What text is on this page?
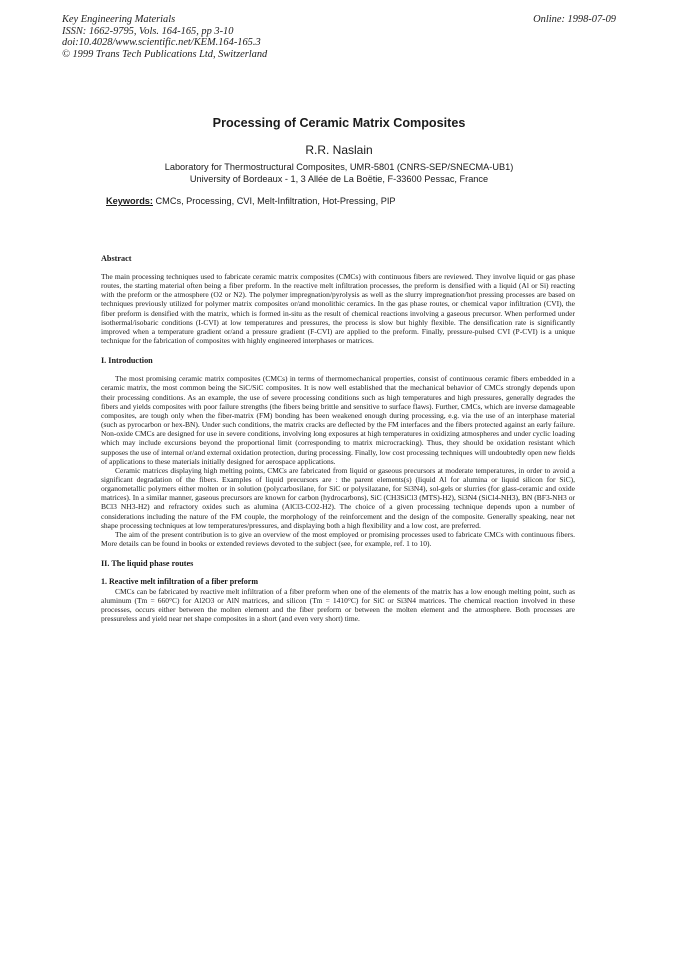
Key Engineering Materials
ISSN: 1662-9795, Vols. 164-165, pp 3-10
doi:10.4028/www.scientific.net/KEM.164-165.3
© 1999 Trans Tech Publications Ltd, Switzerland
Online: 1998-07-09
Processing of Ceramic Matrix Composites
R.R. Naslain
Laboratory for Thermostructural Composites, UMR-5801 (CNRS-SEP/SNECMA-UB1)
University of Bordeaux - 1, 3 Allée de La Boëtie, F-33600 Pessac, France
Keywords: CMCs, Processing, CVI, Melt-Infiltration, Hot-Pressing, PIP
Abstract

The main processing techniques used to fabricate ceramic matrix composites (CMCs) with continuous fibers are reviewed. They involve liquid or gas phase routes, the starting material often being a fiber preform. In the reactive melt infiltration processes, the preform is densified with a liquid (Al or Si) reacting with the preform or the atmosphere (O2 or N2). The polymer impregnation/pyrolysis as well as the slurry impregnation/hot pressing processes are based on techniques previously utilized for polymer matrix composites or/and monolithic ceramics. In the gas phase routes, or chemical vapor infiltration (CVI), the fiber preform is densified with the matrix, which is formed in-situ as the result of chemical reactions involving a gaseous precursor. When performed under isothermal/isobaric conditions (I-CVI) at low temperatures and pressures, the process is slow but highly flexible. The densification rate is significantly improved when a temperature gradient or/and a pressure gradient (F-CVI) are applied to the preform. Finally, pressure-pulsed CVI (P-CVI) is a unique technique for the fabrication of composites with highly engineered interphases or matrices.

I. Introduction

The most promising ceramic matrix composites (CMCs) in terms of thermomechanical properties, consist of continuous ceramic fibers embedded in a ceramic matrix, the most common being the SiC/SiC composites. It is now well established that the mechanical behavior of CMCs strongly depends upon their processing conditions. As an example, the use of severe processing conditions such as high temperatures and high pressures, generally degrades the fibers and yields composites with poor failure strengths (the fibers being brittle and sensitive to surface flaws). Further, CMCs, which are inverse damageable composites, are tough only when the fiber-matrix (FM) bonding has been weakened enough during processing, e.g. via the use of an interphase material (such as pyrocarbon or hex-BN). Under such conditions, the matrix cracks are deflected by the FM interfaces and the fibers protected against an early failure. Non-oxide CMCs are designed for use in severe conditions, involving long exposures at high temperatures in oxidizing atmospheres and under cyclic loading which may include excursions beyond the proportional limit (corresponding to matrix microcracking). Thus, they should be oxidation resistant which supposes the use of internal or/and external oxidation protection, during processing. Finally, low cost processing techniques will undoubtedly open new fields of applications to these materials initially designed for aerospace applications.

Ceramic matrices displaying high melting points, CMCs are fabricated from liquid or gaseous precursors at moderate temperatures, in order to avoid a significant degradation of the fibers. Examples of liquid precursors are : the parent elements(s) (liquid Al for alumina or liquid silicon for SiC), organometallic polymers either molten or in solution (polycarbosilane, for SiC or polysilazane, for Si3N4), sol-gels or slurries (for glass-ceramic and oxide matrices). In a similar manner, gaseous precursors are known for carbon (hydrocarbons), SiC (CH3SiCl3 (MTS)-H2), Si3N4 (SiCl4-NH3), BN (BF3-NH3 or BCl3 NH3-H2) and refractory oxides such as alumina (AlCl3-CO2-H2). The choice of a given processing technique depends upon a number of considerations including the nature of the FM couple, the morphology of the reinforcement and the design of the composite. Generally speaking, near net shape processing techniques at low temperatures/pressures, and displaying both a high flexibility and a low cost, are preferred.

The aim of the present contribution is to give an overview of the most employed or promising processes used to fabricate CMCs with continuous fibers. More details can be found in books or extended reviews devoted to the subject (see, for example, ref. 1 to 10).

II. The liquid phase routes
1. Reactive melt infiltration of a fiber preform

CMCs can be fabricated by reactive melt infiltration of a fiber preform when one of the elements of the matrix has a low enough melting point, such as aluminum (Tm = 660°C) for Al2O3 or AlN matrices, and silicon (Tm = 1410°C) for SiC or Si3N4 matrices. The chemical reaction involved in these processes, occurs either between the molten element and the fiber preform or between the molten element and the atmosphere. Both processes are pressureless and yield near net shape composites in a short (and even very short) time.
